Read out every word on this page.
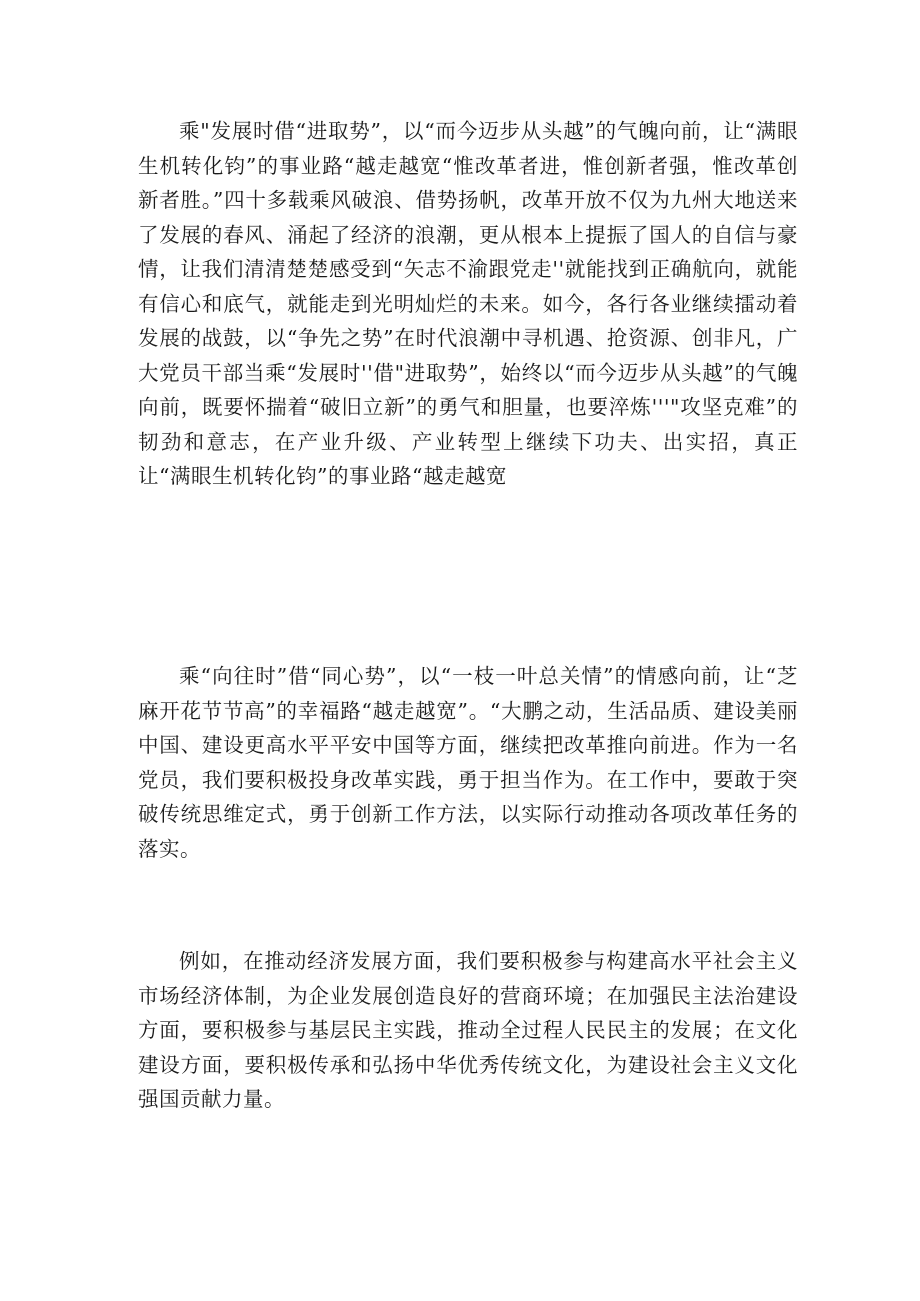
乘"发展时借“进取势”，以“而今迈步从头越”的气魄向前，让“满眼生机转化钧”的事业路“越走越宽“惟改革者进，惟创新者强，惟改革创新者胜。”四十多载乘风破浪、借势扬帆，改革开放不仅为九州大地送来了发展的春风、涌起了经济的浪潮，更从根本上提振了国人的自信与豪情，让我们清清楚楚感受到“矢志不渝跟党走''就能找到正确航向，就能有信心和底气，就能走到光明灿烂的未来。如今，各行各业继续擂动着发展的战鼓，以“争先之势”在时代浪潮中寻机遇、抢资源、创非凡，广大党员干部当乘“发展时''借"进取势”，始终以“而今迈步从头越”的气魄向前，既要怀揣着“破旧立新”的勇气和胆量，也要淬炼'''"攻坚克难”的韧劲和意志，在产业升级、产业转型上继续下功夫、出实招，真正让“满眼生机转化钧”的事业路“越走越宽

乘“向往时”借“同心势”，以“一枝一叶总关情”的情感向前，让“芝麻开花节节高”的幸福路“越走越宽”。“大鹏之动，生活品质、建设美丽中国、建设更高水平平安中国等方面，继续把改革推向前进。作为一名党员，我们要积极投身改革实践，勇于担当作为。在工作中，要敢于突破传统思维定式，勇于创新工作方法，以实际行动推动各项改革任务的落实。

例如，在推动经济发展方面，我们要积极参与构建高水平社会主义市场经济体制，为企业发展创造良好的营商环境；在加强民主法治建设方面，要积极参与基层民主实践，推动全过程人民民主的发展；在文化建设方面，要积极传承和弘扬中华优秀传统文化，为建设社会主义文化强国贡献力量。
